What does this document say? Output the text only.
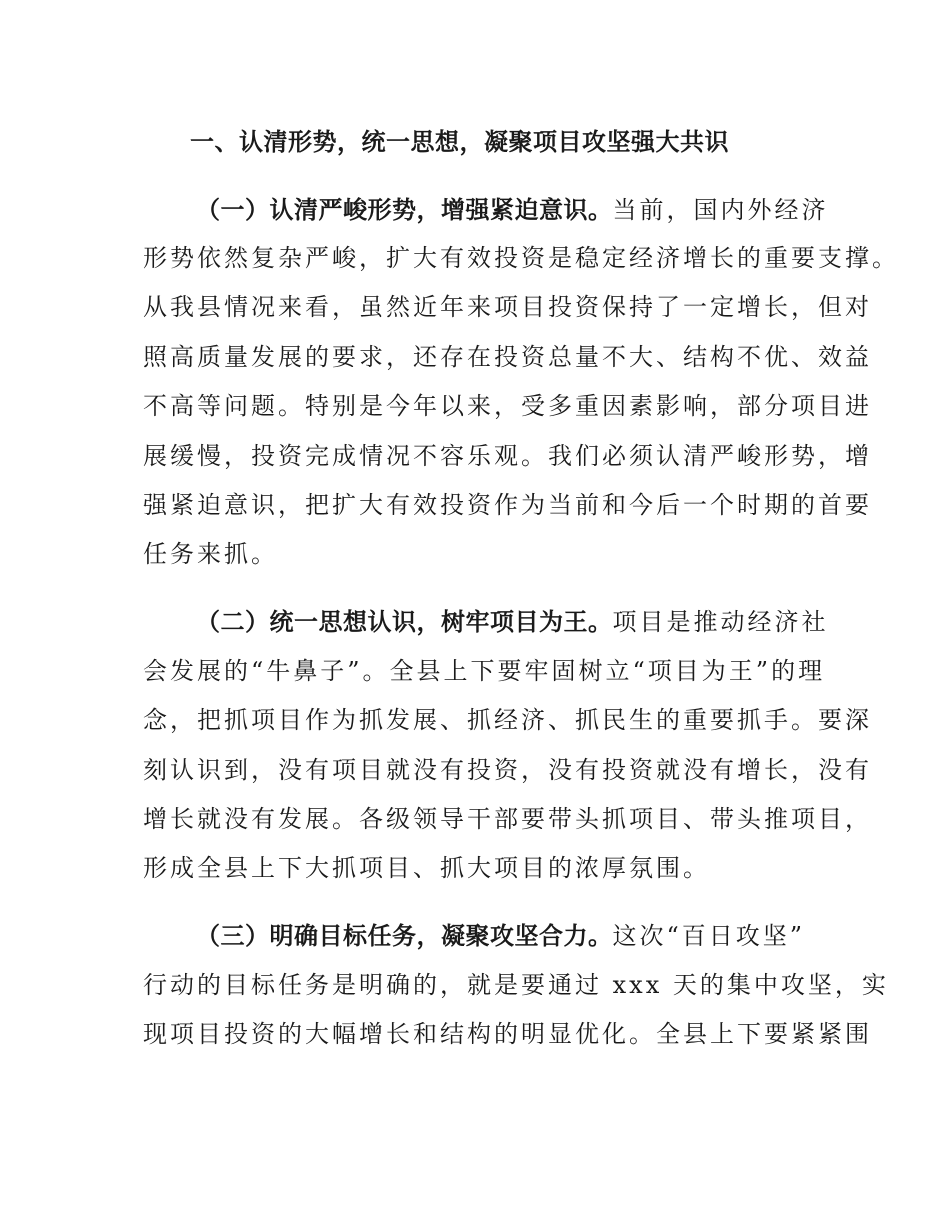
一、认清形势，统一思想，凝聚项目攻坚强大共识
（一）认清严峻形势，增强紧迫意识。当前，国内外经济
形势依然复杂严峻，扩大有效投资是稳定经济增长的重要支撑。
从我县情况来看，虽然近年来项目投资保持了一定增长，但对
照高质量发展的要求，还存在投资总量不大、结构不优、效益
不高等问题。特别是今年以来，受多重因素影响，部分项目进
展缓慢，投资完成情况不容乐观。我们必须认清严峻形势，增
强紧迫意识，把扩大有效投资作为当前和今后一个时期的首要
任务来抓。
（二）统一思想认识，树牢项目为王。项目是推动经济社
会发展的“牛鼻子”。全县上下要牢固树立“项目为王”的理
念，把抓项目作为抓发展、抓经济、抓民生的重要抓手。要深
刻认识到，没有项目就没有投资，没有投资就没有增长，没有
增长就没有发展。各级领导干部要带头抓项目、带头推项目，
形成全县上下大抓项目、抓大项目的浓厚氛围。
（三）明确目标任务，凝聚攻坚合力。这次“百日攻坚”
行动的目标任务是明确的，就是要通过 xxx 天的集中攻坚，实
现项目投资的大幅增长和结构的明显优化。全县上下要紧紧围
